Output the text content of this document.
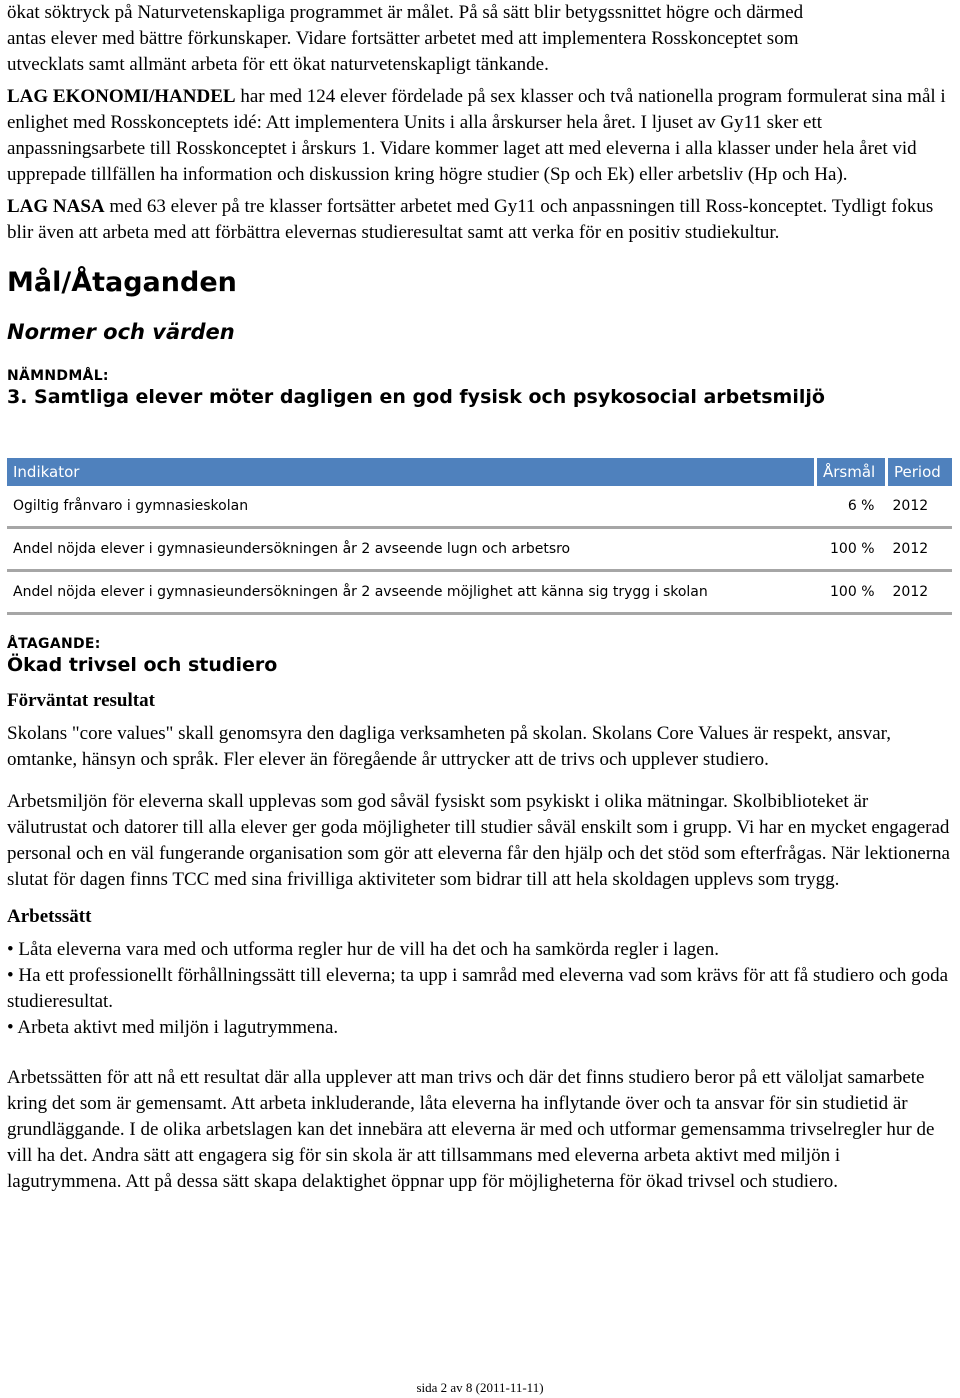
ökat söktryck på Naturvetenskapliga programmet är målet. På så sätt blir betygssnittet högre och därmed
antas elever med bättre förkunskaper. Vidare fortsätter arbetet med att implementera Rosskonceptet som
utvecklats samt allmänt arbeta för ett ökat naturvetenskapligt tänkande.

LAG EKONOMI/HANDEL har med 124 elever fördelade på sex klasser och två nationella program formulerat sina mål i enlighet med Rosskonceptets idé: Att implementera Units i alla årskurser hela året. I ljuset av Gy11 sker ett anpassningsarbete till Rosskonceptet i årskurs 1. Vidare kommer laget att med eleverna i alla klasser under hela året vid upprepade tillfällen ha information och diskussion kring högre studier (Sp och Ek) eller arbetsliv (Hp och Ha).

LAG NASA med 63 elever på tre klasser fortsätter arbetet med Gy11 och anpassningen till Ross-konceptet. Tydligt fokus blir även att arbeta med att förbättra elevernas studieresultat samt att verka för en positiv studiekultur.

Mål/Åtaganden
Normer och värden
NÄMNDMÅL:
3. Samtliga elever möter dagligen en god fysisk och psykosocial arbetsmiljö
Indikator	Årsmål	Period
Ogiltig frånvaro i gymnasieskolan	6 %	2012
Andel nöjda elever i gymnasieundersökningen år 2 avseende lugn och arbetsro	100 %	2012
Andel nöjda elever i gymnasieundersökningen år 2 avseende möjlighet att känna sig trygg i skolan	100 %	2012
ÅTAGANDE:
Ökad trivsel och studiero
Förväntat resultat

Skolans "core values" skall genomsyra den dagliga verksamheten på skolan. Skolans Core Values är respekt, ansvar, omtanke, hänsyn och språk. Fler elever än föregående år uttrycker att de trivs och upplever studiero.

Arbetsmiljön för eleverna skall upplevas som god såväl fysiskt som psykiskt i olika mätningar. Skolbiblioteket är välutrustat och datorer till alla elever ger goda möjligheter till studier såväl enskilt som i grupp. Vi har en mycket engagerad personal och en väl fungerande organisation som gör att eleverna får den hjälp och det stöd som efterfrågas. När lektionerna slutat för dagen finns TCC med sina frivilliga aktiviteter som bidrar till att hela skoldagen upplevs som trygg.

Arbetssätt

• Låta eleverna vara med och utforma regler hur de vill ha det och ha samkörda regler i lagen.

• Ha ett professionellt förhållningssätt till eleverna; ta upp i samråd med eleverna vad som krävs för att få studiero och goda studieresultat.

• Arbeta aktivt med miljön i lagutrymmena.

Arbetssätten för att nå ett resultat där alla upplever att man trivs och där det finns studiero beror på ett väloljat samarbete kring det som är gemensamt. Att arbeta inkluderande, låta eleverna ha inflytande över och ta ansvar för sin studietid är grundläggande. I de olika arbetslagen kan det innebära att eleverna är med och utformar gemensamma trivselregler hur de vill ha det. Andra sätt att engagera sig för sin skola är att tillsammans med eleverna arbeta aktivt med miljön i lagutrymmena. Att på dessa sätt skapa delaktighet öppnar upp för möjligheterna för ökad trivsel och studiero.

sida 2 av 8 (2011-11-11)
